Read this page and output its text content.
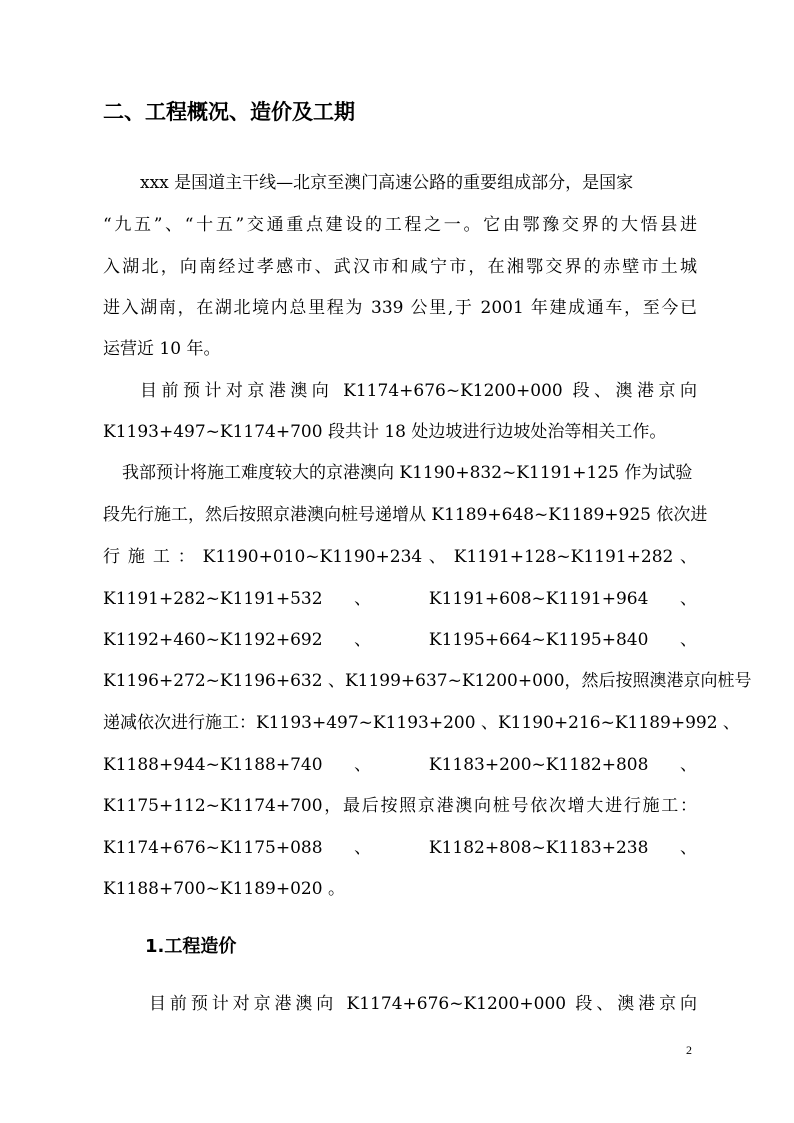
二、工程概况、造价及工期
xxx 是国道主干线—北京至澳门高速公路的重要组成部分，是国家
“九五”、“十五”交通重点建设的工程之一。它由鄂豫交界的大悟县进
入湖北，向南经过孝感市、武汉市和咸宁市，在湘鄂交界的赤壁市土城
进入湖南，在湖北境内总里程为 339 公里,于 2001 年建成通车，至今已
运营近 10 年。
目前预计对京港澳向 K1174+676~K1200+000 段、澳港京向
K1193+497~K1174+700 段共计 18 处边坡进行边坡处治等相关工作。
我部预计将施工难度较大的京港澳向 K1190+832~K1191+125 作为试验
段先行施工，然后按照京港澳向桩号递增从 K1189+648~K1189+925 依次进
行 施 工 ： K1190+010~K1190+234 、 K1191+128~K1191+282 、
K1191+282~K1191+532 、 K1191+608~K1191+964 、
K1192+460~K1192+692 、 K1195+664~K1195+840 、
K1196+272~K1196+632 、K1199+637~K1200+000，然后按照澳港京向桩号
递减依次进行施工：K1193+497~K1193+200 、K1190+216~K1189+992 、
K1188+944~K1188+740 、 K1183+200~K1182+808 、
K1175+112~K1174+700，最后按照京港澳向桩号依次增大进行施工：
K1174+676~K1175+088 、 K1182+808~K1183+238 、
K1188+700~K1189+020 。
1.工程造价
目前预计对京港澳向 K1174+676~K1200+000 段、澳港京向
2
